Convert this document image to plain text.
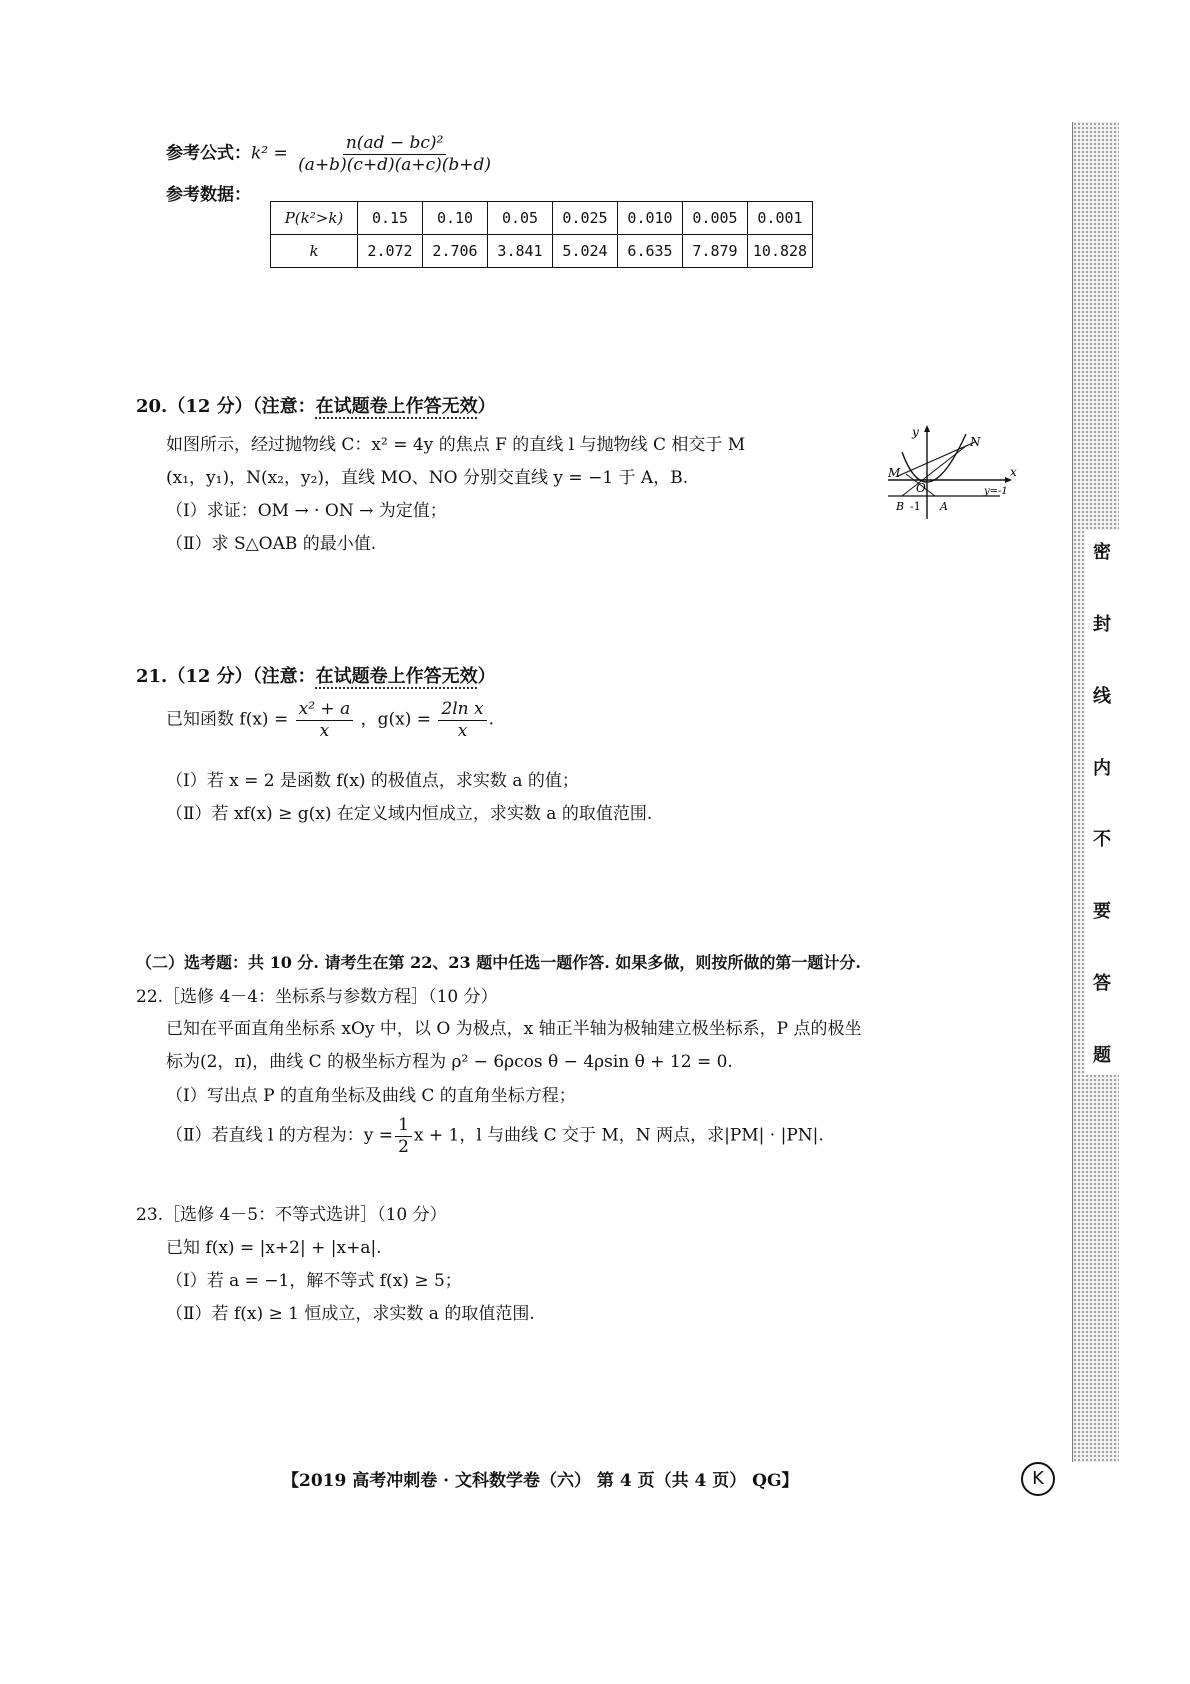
参考公式：$k^2 = \frac{\text{n(ad − bc)²}}{(a+b)(c+d)(a+c)(b+d)}$
参考数据：
P(k²>k)	0.15	0.10	0.05	0.025	0.010	0.005	0.001
k	2.072	2.706	3.841	5.024	6.635	7.879	10.828
20.（12 分）（注意：在试题卷上作答无效）
如图所示，经过抛物线 C：x² = 4y 的焦点 F 的直线 l 与抛物线 C 相交于 M
(x₁，y₁)，N(x₂，y₂)，直线 MO、NO 分别交直线 y = −1 于 A，B.
（Ⅰ）求证：OM → · ON → 为定值；
（Ⅱ）求 S△OAB 的最小值.
y
x
N
M
O
B -1 A
y=-1
21.（12 分）（注意：在试题卷上作答无效）
已知函数 $f(x) = \frac{\text{x² + a}}{x}$ ，$g(x) = \frac{\text{2ln x}}{x}$ .
（Ⅰ）若 x = 2 是函数 f(x) 的极值点，求实数 a 的值；
（Ⅱ）若 xf(x) ≥ g(x) 在定义域内恒成立，求实数 a 的取值范围.
（二）选考题：共 10 分. 请考生在第 22、23 题中任选一题作答. 如果多做，则按所做的第一题计分.
22.［选修 4－4：坐标系与参数方程］（10 分）
已知在平面直角坐标系 xOy 中，以 O 为极点，x 轴正半轴为极轴建立极坐标系，P 点的极坐
标为(2，π)，曲线 C 的极坐标方程为 ρ² − 6ρcos θ − 4ρsin θ + 12 = 0.
（Ⅰ）写出点 P 的直角坐标及曲线 C 的直角坐标方程；
（Ⅱ）若直线 l 的方程为：$y = \frac{1}{2}$ x + 1，l 与曲线 C 交于 M，N 两点，求|PM| · |PN|.
23.［选修 4－5：不等式选讲］（10 分）
已知 f(x) = |x+2| + |x+a|.
（Ⅰ）若 a = −1，解不等式 f(x) ≥ 5；
（Ⅱ）若 f(x) ≥ 1 恒成立，求实数 a 的取值范围.
【2019 高考冲刺卷 · 文科数学卷（六） 第 4 页（共 4 页） QG】	K
密
封
线
内
不
要
答
题
